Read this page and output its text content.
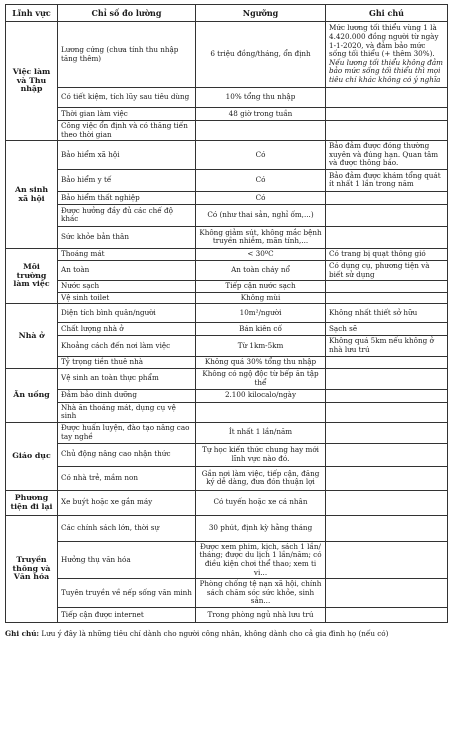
Lĩnh vực	Chỉ số đo lường	Ngưỡng	Ghi chú
Việc làm và Thu nhập	Lương cứng (chưa tính thu nhập tăng thêm)	6 triệu đồng/tháng, ổn định	Mức lương tối thiểu vùng 1 là 4.420.000 đồng người từ ngày 1-1-2020, và đảm bảo mức sống tối thiểu (+ thêm 30%). Nếu lương tối thiểu không đảm bảo mức sống tối thiểu thì mọi tiêu chí khác không có ý nghĩa
	Có tiết kiệm, tích lũy sau tiêu dùng	10% tổng thu nhập	
	Thời gian làm việc	48 giờ trong tuần	
	Công việc ổn định và có thăng tiến theo thời gian		
An sinh xã hội	Bảo hiểm xã hội	Có	Bảo đảm được đóng thường xuyên và đúng hạn. Quan tâm và được thông báo.
	Bảo hiểm y tế	Có	Bảo đảm được khám tổng quát ít nhất 1 lần trong năm
	Bảo hiểm thất nghiệp	Có	
	Được hưởng đầy đủ các chế độ khác	Có (như thai sản, nghỉ ốm,...)	
	Sức khỏe bản thân	Không giảm sút, không mắc bệnh truyền nhiễm, mãn tính,...	
Môi trường làm việc	Thoáng mát	< 30ºC	Có trang bị quạt thông gió
	An toàn	An toàn cháy nổ	Có dụng cụ, phương tiện và biết sử dụng
	Nước sạch	Tiếp cận nước sạch	
	Vệ sinh toilet	Không mùi	
Nhà ở	Diện tích bình quân/người	10m²/người	Không nhất thiết sở hữu
	Chất lượng nhà ở	Bán kiên cố	Sạch sẽ
	Khoảng cách đến nơi làm việc	Từ 1km-5km	Không quá 5km nếu không ở nhà lưu trú
	Tỷ trọng tiền thuê nhà	Không quá 30% tổng thu nhập	
Ăn uống	Vệ sinh an toàn thực phẩm	Không có ngộ độc từ bếp ăn tập thể	
	Đảm bảo dinh dưỡng	2.100 kilocalo/ngày	
	Nhà ăn thoáng mát, dụng cụ vệ sinh		
Giáo dục	Được huấn luyện, đào tạo nâng cao tay nghề	Ít nhất 1 lần/năm	
	Chủ động nâng cao nhận thức	Tự học kiến thức chung hay mới lĩnh vực nào đó.	
	Có nhà trẻ, mầm non	Gần nơi làm việc, tiếp cận, đăng ký dễ dàng, đưa đón thuận lợi	
Phương tiện đi lại	Xe buýt hoặc xe gắn máy	Có tuyến hoặc xe cá nhân	
Truyền thông và Văn hóa	Các chính sách lớn, thời sự	30 phút, định kỳ hằng tháng	
	Hưởng thụ văn hóa	Được xem phim, kịch, sách 1 lần/ tháng; được du lịch 1 lần/năm; có điều kiện chơi thể thao; xem ti vi...	
	Tuyên truyền về nếp sống văn minh	Phòng chống tệ nạn xã hội, chính sách chăm sóc sức khỏe, sinh sản...	
	Tiếp cận được internet	Trong phòng ngủ nhà lưu trú	
Ghi chú: Lưu ý đây là những tiêu chí dành cho người công nhân, không dành cho cả gia đình họ (nếu có)
